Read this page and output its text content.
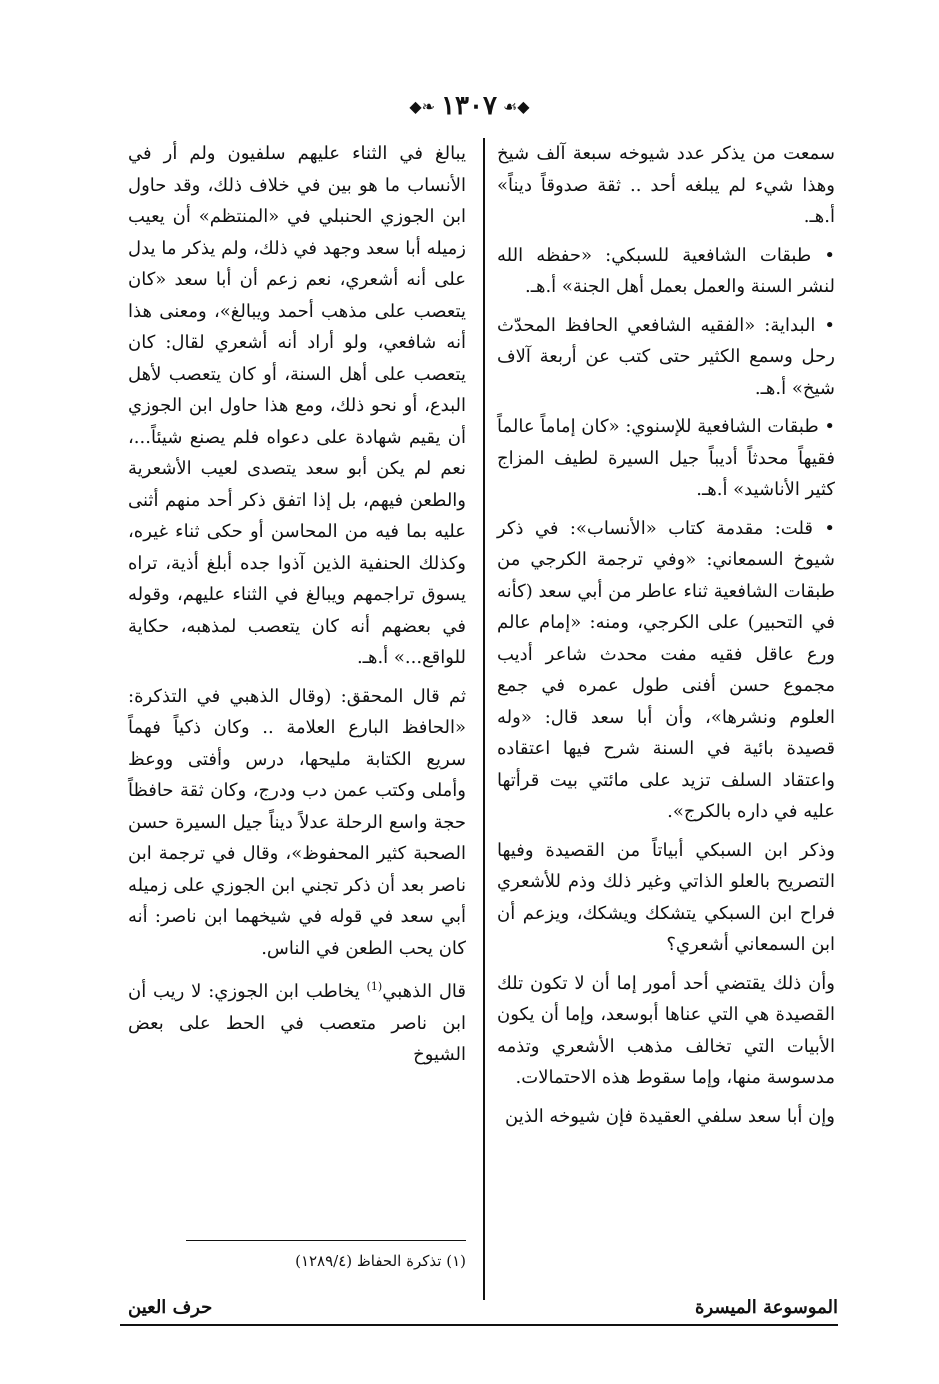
◆❧ ١٣٠٧ ☙◆

سمعت من يذكر عدد شيوخه سبعة آلف شيخ وهذا شيء لم يبلغه أحد .. ثقة صدوقاً ديناً» أ.هـ.

• طبقات الشافعية للسبكي: «حفظه الله لنشر السنة والعمل بعمل أهل الجنة» أ.هـ.

• البداية: «الفقيه الشافعي الحافظ المحدّث رحل وسمع الكثير حتى كتب عن أربعة آلاف شيخ» أ.هـ.

• طبقات الشافعية للإسنوي: «كان إماماً عالماً فقيهاً محدثاً أديباً جيل السيرة لطيف المزاج كثير الأناشيد» أ.هـ.

• قلت: مقدمة كتاب «الأنساب»: في ذكر شيوخ السمعاني: «وفي ترجمة الكرجي من طبقات الشافعية ثناء عاطر من أبي سعد (كأنه في التحبير) على الكرجي، ومنه: «إمام عالم ورع عاقل فقيه مفت محدث شاعر أديب مجموع حسن أفنى طول عمره في جمع العلوم ونشرها»، وأن أبا سعد قال: «وله قصيدة بائية في السنة شرح فيها اعتقاده واعتقاد السلف تزيد على مائتي بيت قرأتها عليه في داره بالكرج».

وذكر ابن السبكي أبياتاً من القصيدة وفيها التصريح بالعلو الذاتي وغير ذلك وذم للأشعري فراح ابن السبكي يتشكك ويشكك، ويزعم أن ابن السمعاني أشعري؟

وأن ذلك يقتضي أحد أمور إما أن لا تكون تلك القصيدة هي التي عناها أبوسعد، وإما أن يكون الأبيات التي تخالف مذهب الأشعري وتذمه مدسوسة منها، وإما سقوط هذه الاحتمالات.

وإن أبا سعد سلفي العقيدة فإن شيوخه الذين

يبالغ في الثناء عليهم سلفيون ولم أر في الأنساب ما هو بين في خلاف ذلك، وقد حاول ابن الجوزي الحنبلي في «المنتظم» أن يعيب زميله أبا سعد وجهد في ذلك، ولم يذكر ما يدل على أنه أشعري، نعم زعم أن أبا سعد «كان يتعصب على مذهب أحمد ويبالغ»، ومعنى هذا أنه شافعي، ولو أراد أنه أشعري لقال: كان يتعصب على أهل السنة، أو كان يتعصب لأهل البدع، أو نحو ذلك، ومع هذا حاول ابن الجوزي أن يقيم شهادة على دعواه فلم يصنع شيئاً...، نعم لم يكن أبو سعد يتصدى لعيب الأشعرية والطعن فيهم، بل إذا اتفق ذكر أحد منهم أثنى عليه بما فيه من المحاسن أو حكى ثناء غيره، وكذلك الحنفية الذين آذوا جده أبلغ أذية، تراه يسوق تراجمهم ويبالغ في الثناء عليهم، وقوله في بعضهم أنه كان يتعصب لمذهبه، حكاية للواقع...» أ.هـ.

ثم قال المحقق: (وقال الذهبي في التذكرة: «الحافظ البارع العلامة .. وكان ذكياً فهماً سريع الكتابة مليحها، درس وأفتى ووعظ وأملى وكتب عمن دب ودرج، وكان ثقة حافظاً حجة واسع الرحلة عدلاً ديناً جيل السيرة حسن الصحبة كثير المحفوظ»، وقال في ترجمة ابن ناصر بعد أن ذكر تجني ابن الجوزي على زميله أبي سعد في قوله في شيخهما ابن ناصر: أنه كان يحب الطعن في الناس.

قال الذهبي$^{(1)}$ يخاطب ابن الجوزي: لا ريب أن ابن ناصر متعصب في الحط على بعض الشيوخ

(١) تذكرة الحفاظ (١٢٨٩/٤)
الموسوعة الميسرة
حرف العين
